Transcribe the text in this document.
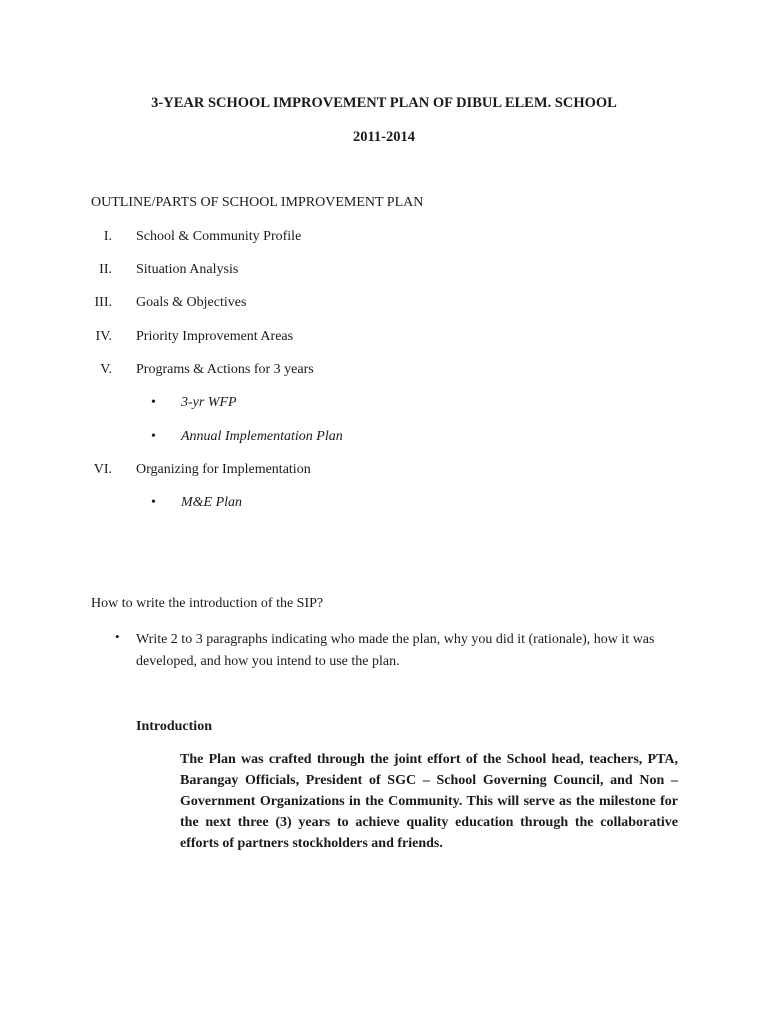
3-YEAR SCHOOL IMPROVEMENT PLAN OF DIBUL ELEM. SCHOOL
2011-2014
OUTLINE/PARTS OF SCHOOL IMPROVEMENT PLAN
I. School & Community Profile
II. Situation Analysis
III. Goals & Objectives
IV. Priority Improvement Areas
V. Programs & Actions for 3 years
• 3-yr WFP
• Annual Implementation Plan
VI. Organizing for Implementation
• M&E Plan
How to write the introduction of the SIP?
• Write 2 to 3 paragraphs indicating who made the plan, why you did it (rationale), how it was developed, and how you intend to use the plan.
Introduction
The Plan was crafted through the joint effort of the School head, teachers, PTA, Barangay Officials, President of SGC – School Governing Council, and Non – Government Organizations in the Community. This will serve as the milestone for the next three (3) years to achieve quality education through the collaborative efforts of partners stockholders and friends.
